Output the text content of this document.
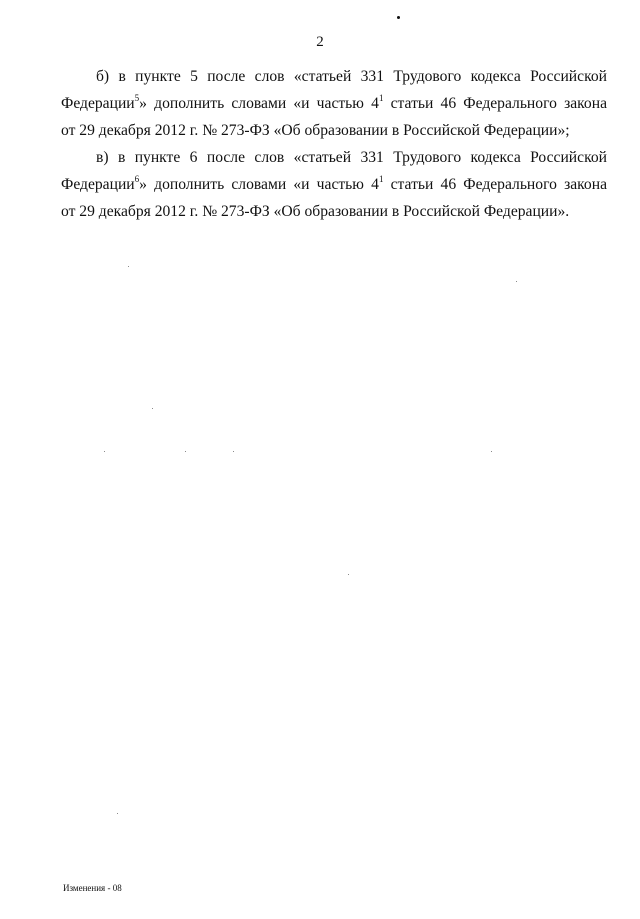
2
б) в пункте 5 после слов «статьей 331 Трудового кодекса Российской
Федерации$^5$» дополнить словами «и частью $4^1$ статьи 46 Федерального закона
от 29 декабря 2012 г. № 273-ФЗ «Об образовании в Российской Федерации»;
в) в пункте 6 после слов «статьей 331 Трудового кодекса Российской
Федерации$^6$» дополнить словами «и частью $4^1$ статьи 46 Федерального закона
от 29 декабря 2012 г. № 273-ФЗ «Об образовании в Российской Федерации».
Изменения - 08
